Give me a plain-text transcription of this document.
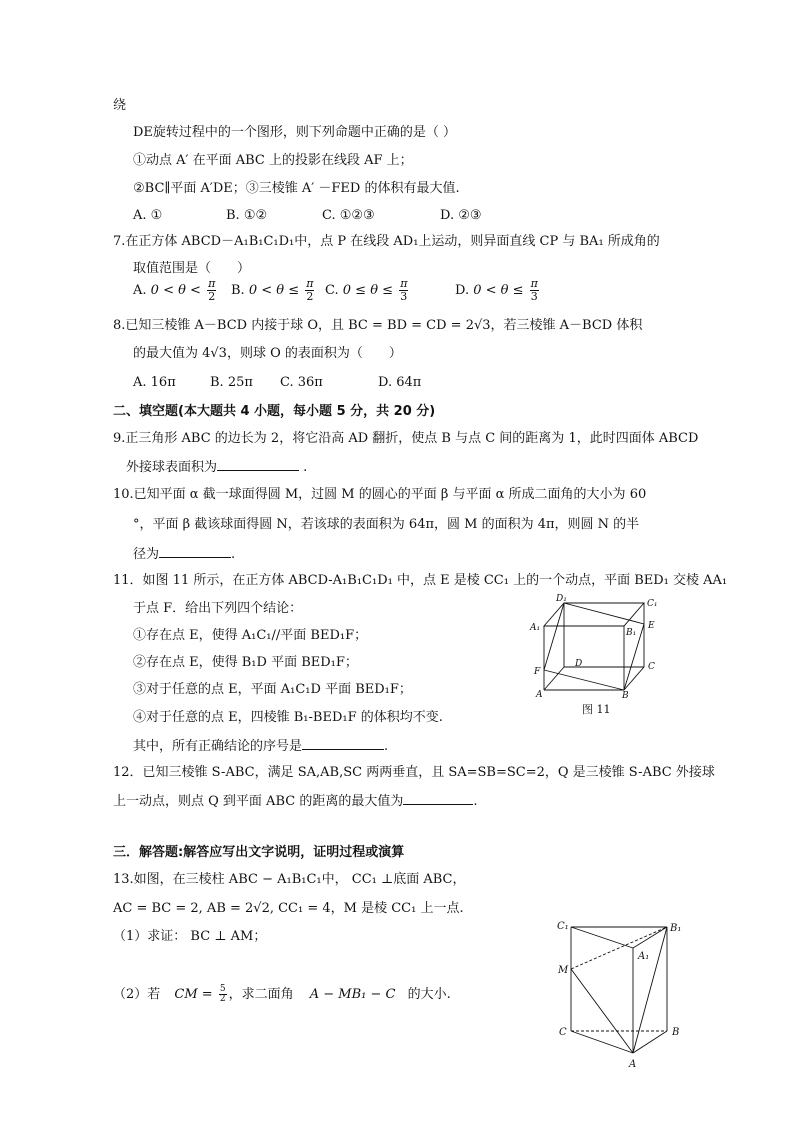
绕
DE旋转过程中的一个图形，则下列命题中正确的是（ ）
①动点 A′ 在平面 ABC 上的投影在线段 AF 上；
②BC∥平面 A′DE；③三棱锥 A′ －FED 的体积有最大值.
A. ①	B. ①②	C. ①②③	D. ②③
7.在正方体 ABCD－A₁B₁C₁D₁中，点 P 在线段 AD₁上运动，则异面直线 CP 与 BA₁ 所成角的
取值范围是（　　）
A. $0 < \theta < \frac{\pi}{2} B$. $0 < \theta \le \frac{\pi}{2} C$. $0 \le \theta \le \frac{\pi}{3}$	D. $0 < \theta \le \frac{\pi}{3}$
8.已知三棱锥 A－BCD 内接于球 O，且 BC = BD = CD = 2√3，若三棱锥 A－BCD 体积
的最大值为 4√3，则球 O 的表面积为（　　）
A. 16π	B. 25π C. 36π	D. 64π
二、填空题(本大题共 4 小题，每小题 5 分，共 20 分)
9.正三角形 ABC 的边长为 2，将它沿高 AD 翻折，使点 B 与点 C 间的距离为 1，此时四面体 ABCD
外接球表面积为	.
10.已知平面 α 截一球面得圆 M，过圆 M 的圆心的平面 β 与平面 α 所成二面角的大小为 60
°，平面 β 截该球面得圆 N，若该球的表面积为 64π，圆 M 的面积为 4π，则圆 N 的半
径为	.
11．如图 11 所示，在正方体 ABCD-A₁B₁C₁D₁ 中，点 E 是棱 CC₁ 上的一个动点，平面 BED₁ 交棱 AA₁
于点 F．给出下列四个结论：
①存在点 E，使得 A₁C₁//平面 BED₁F；
②存在点 E，使得 B₁D 平面 BED₁F；
③对于任意的点 E，平面 A₁C₁D 平面 BED₁F；
④对于任意的点 E，四棱锥 B₁-BED₁F 的体积均不变.
其中，所有正确结论的序号是	.
D₁	C₁
A₁	B₁
E
D	C
F
A	B
图 11
12．已知三棱锥 S-ABC，满足 SA,AB,SC 两两垂直，且 SA=SB=SC=2，Q 是三棱锥 S-ABC 外接球
上一动点，则点 Q 到平面 ABC 的距离的最大值为	.
三．解答题:解答应写出文字说明，证明过程或演算
13.如图，在三棱柱 ABC − A₁B₁C₁中， CC₁ ⊥底面 ABC，
AC = BC = 2, AB = 2√2, CC₁ = 4，M 是棱 CC₁ 上一点.
（1）求证： BC ⊥ AM；
（2）若 CM = $\frac{5}{2}$ ，求二面角 A − MB₁ − C 的大小.
C₁	B₁
A₁
M
C	B
A
